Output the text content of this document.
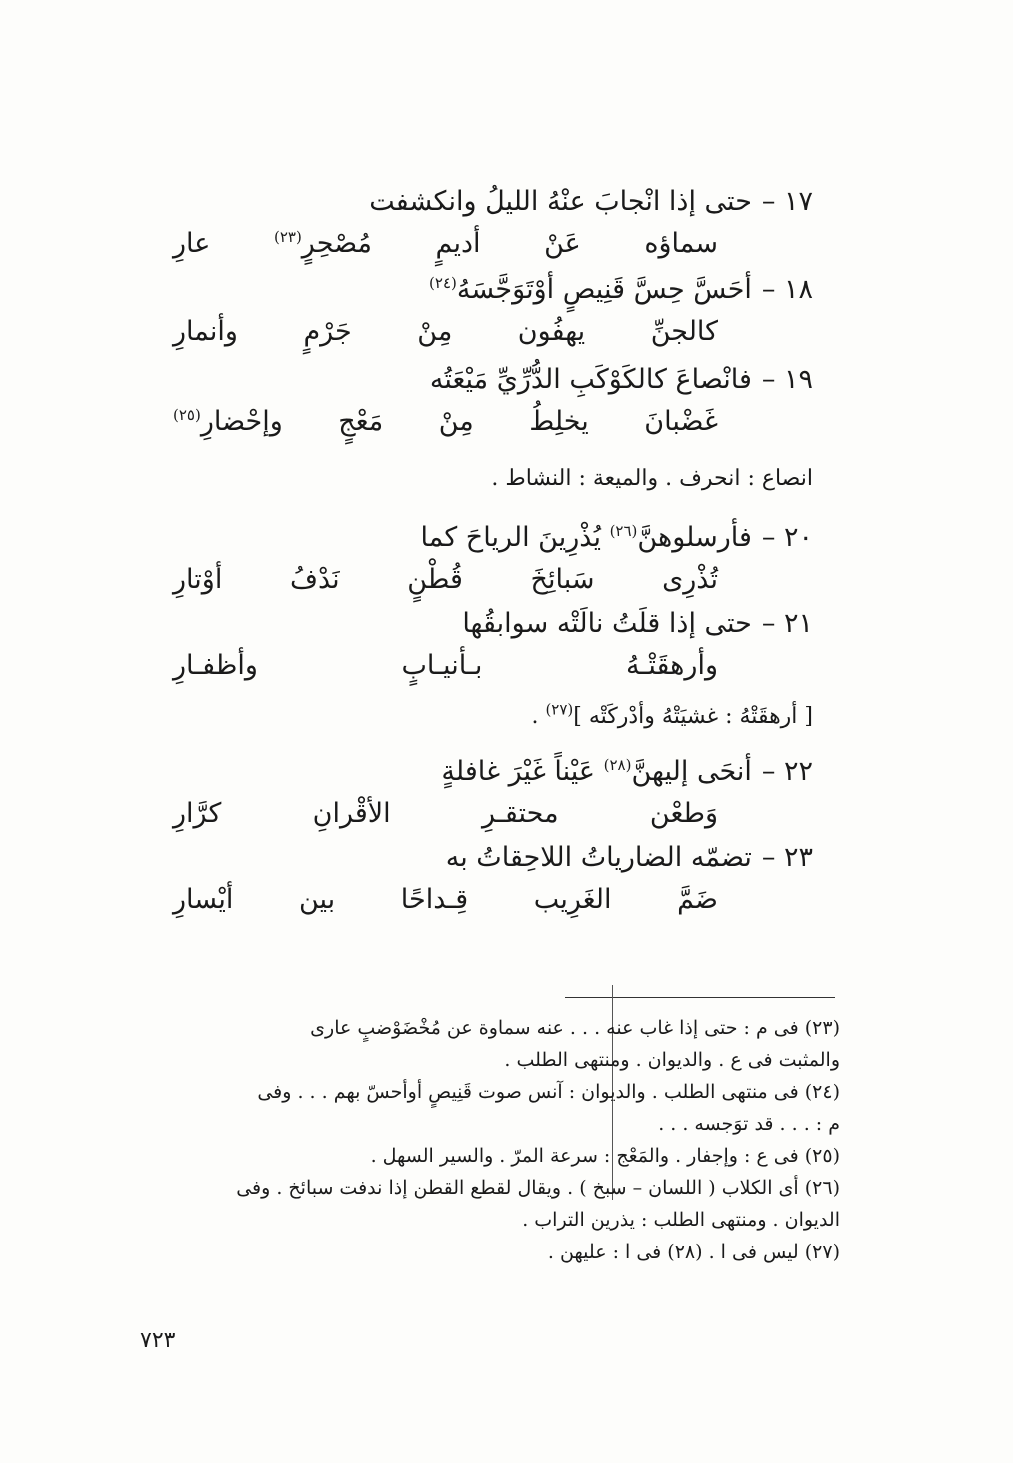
١٧ –حتى إذا انْجابَ عنْهُ الليلُ وانكشفت
سماؤه عَنْ أديمٍ مُصْحِرٍ$^{(٢٣)}$ عارِ
١٨ –أحَسَّ حِسَّ قَنِيصٍ أوْتَوَجَّسَهُ$^{(٢٤)}$
كالجنِّ يهفُون مِنْ جَرْمٍ وأنمارِ
١٩ –فانْصاعَ كالكَوْكَبِ الدُّرِّيِّ مَيْعَتُه
غَضْبانَ يخلِطُ مِنْ مَعْجٍ وإحْضارِ$^{(٢٥)}$
انصاع : انحرف . والميعة : النشاط .
٢٠ –فأرسلوهنَّ$^{(٢٦)}$ يُذْرِينَ الرياحَ كما
تُذْرِى سَبائِخَ قُطْنٍ نَدْفُ أوْتارِ
٢١ –حتى إذا قلَتُ نالَتْه سوابقُها
وأرهقَتْـهُ بـأنيـابٍ وأظفـارِ
[ أرهقَتْهُ : غشيَتْهُ وأدْركَتْه ]$^{(٢٧)}$ .
٢٢ –أنحَى إليهنَّ$^{(٢٨)}$ عَيْناً غَيْرَ غافلةٍ
وَطعْن محتقـرِ الأقْرانِ كرَّارِ
٢٣ –تضمّه الضارياتُ اللاحِقاتُ به
ضَمَّ الغَرِيب قِـداحًا بين أيْسارِ
(٢٣) فى م : حتى إذا غاب عنه . . . عنه سماوة عن مُخْضَوْضبٍ عارى
والمثبت فى ع . والديوان . ومنتهى الطلب .
(٢٤) فى منتهى الطلب . والديوان : آنس صوت قَنِيصٍ أوأحسّ بهم . . . وفى
م : . . . قد توَجسه . . .
(٢٥) فى ع : وإجفار . والمَعْج : سرعة المرّ . والسير السهل .
(٢٦) أى الكلاب ( اللسان – سبخ ) . ويقال لقطع القطن إذا ندفت سبائخ . وفى
الديوان . ومنتهى الطلب : يذرين التراب .
(٢٧) ليس فى ا . (٢٨) فى ا : عليهن .
٧٢٣
